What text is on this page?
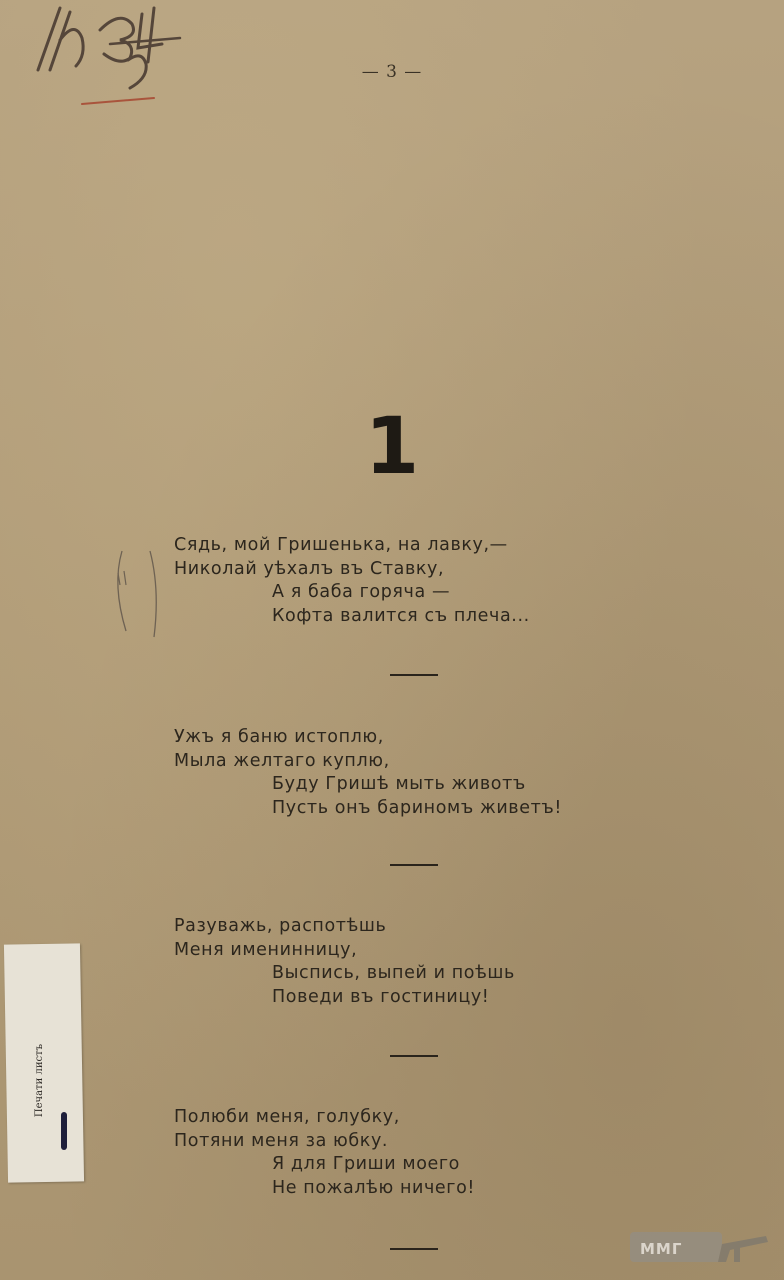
— 3 —
1
Сядь, мой Гришенька, на лавку,—
Николай уѣхалъ въ Ставку,
А я баба горяча —
Кофта валится съ плеча...
Ужъ я баню истоплю,
Мыла желтаго куплю,
Буду Гришѣ мыть животъ
Пусть онъ бариномъ живетъ!
Разуважь, распотѣшь
Меня именинницу,
Выспись, выпей и поѣшь
Поведи въ гостиницу!
Полюби меня, голубку,
Потяни меня за юбку.
Я для Гриши моего
Не пожалѣю ничего!
Печати листъ
MMГ
